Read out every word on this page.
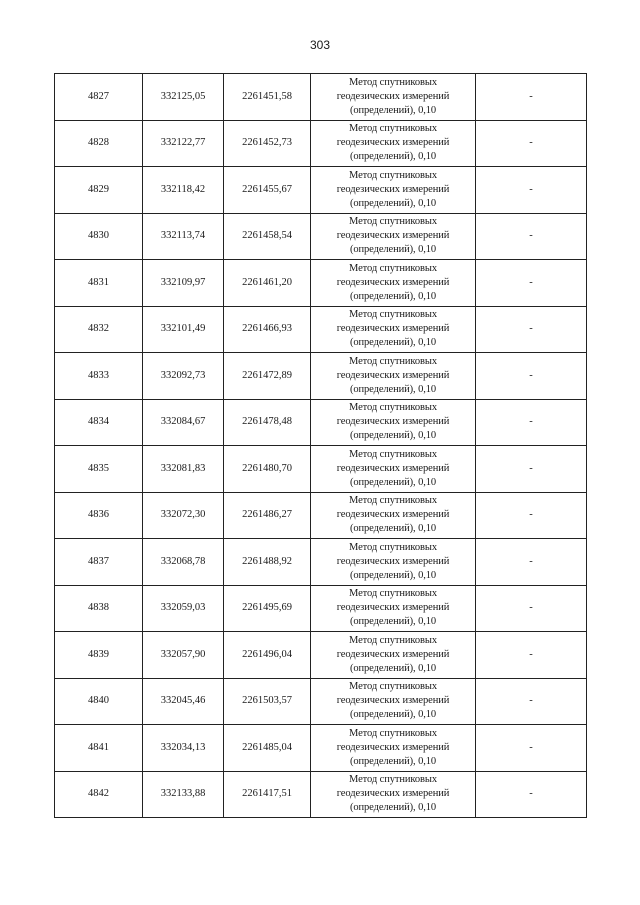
303
4827	332125,05	2261451,58	Метод спутниковых
геодезических измерений
(определений), 0,10	-
4828	332122,77	2261452,73	Метод спутниковых
геодезических измерений
(определений), 0,10	-
4829	332118,42	2261455,67	Метод спутниковых
геодезических измерений
(определений), 0,10	-
4830	332113,74	2261458,54	Метод спутниковых
геодезических измерений
(определений), 0,10	-
4831	332109,97	2261461,20	Метод спутниковых
геодезических измерений
(определений), 0,10	-
4832	332101,49	2261466,93	Метод спутниковых
геодезических измерений
(определений), 0,10	-
4833	332092,73	2261472,89	Метод спутниковых
геодезических измерений
(определений), 0,10	-
4834	332084,67	2261478,48	Метод спутниковых
геодезических измерений
(определений), 0,10	-
4835	332081,83	2261480,70	Метод спутниковых
геодезических измерений
(определений), 0,10	-
4836	332072,30	2261486,27	Метод спутниковых
геодезических измерений
(определений), 0,10	-
4837	332068,78	2261488,92	Метод спутниковых
геодезических измерений
(определений), 0,10	-
4838	332059,03	2261495,69	Метод спутниковых
геодезических измерений
(определений), 0,10	-
4839	332057,90	2261496,04	Метод спутниковых
геодезических измерений
(определений), 0,10	-
4840	332045,46	2261503,57	Метод спутниковых
геодезических измерений
(определений), 0,10	-
4841	332034,13	2261485,04	Метод спутниковых
геодезических измерений
(определений), 0,10	-
4842	332133,88	2261417,51	Метод спутниковых
геодезических измерений
(определений), 0,10	-
